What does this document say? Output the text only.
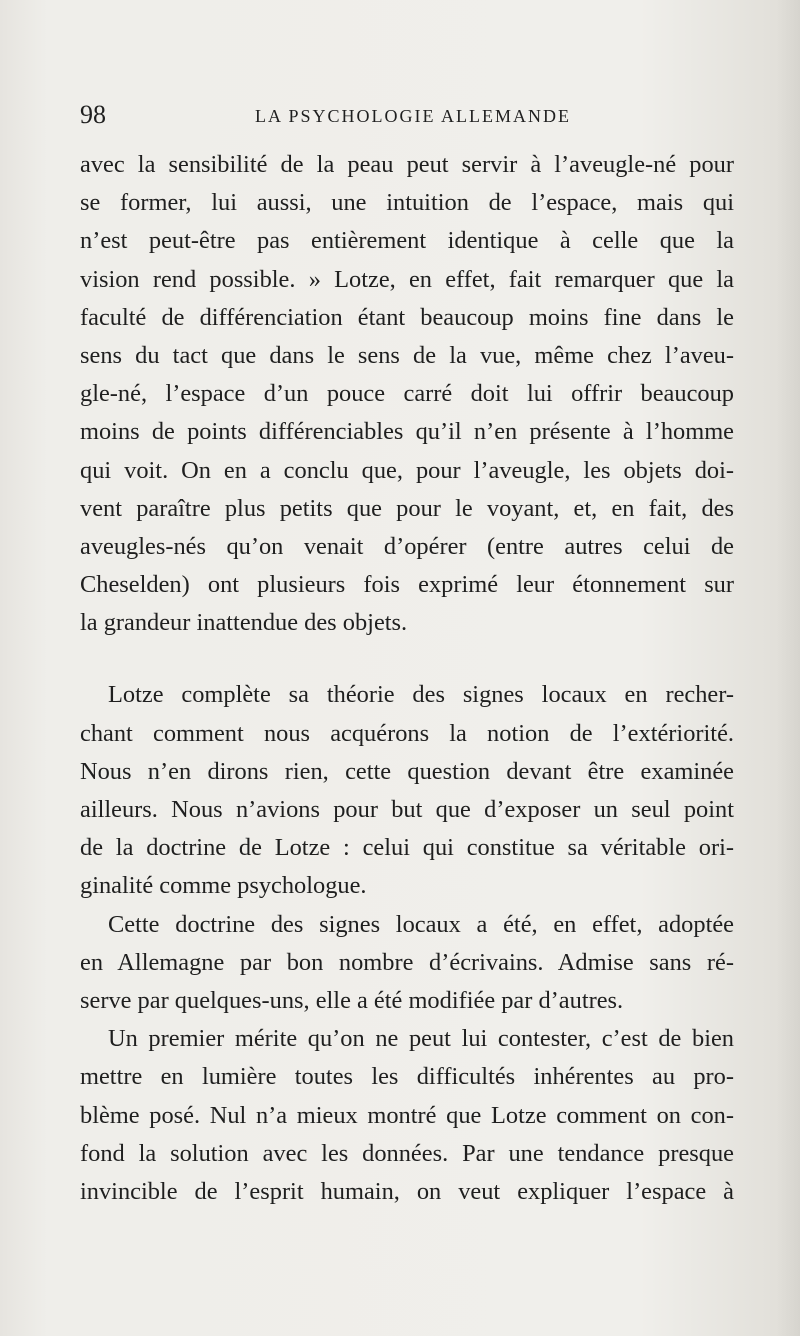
98	LA PSYCHOLOGIE ALLEMANDE
avec la sensibilité de la peau peut servir à l’aveugle-né pour
se former, lui aussi, une intuition de l’espace, mais qui
n’est peut-être pas entièrement identique à celle que la
vision rend possible. » Lotze, en effet, fait remarquer que la
faculté de différenciation étant beaucoup moins fine dans le
sens du tact que dans le sens de la vue, même chez l’aveu-
gle-né, l’espace d’un pouce carré doit lui offrir beaucoup
moins de points différenciables qu’il n’en présente à l’homme
qui voit. On en a conclu que, pour l’aveugle, les objets doi-
vent paraître plus petits que pour le voyant, et, en fait, des
aveugles-nés qu’on venait d’opérer (entre autres celui de
Cheselden) ont plusieurs fois exprimé leur étonnement sur
la grandeur inattendue des objets.
Lotze complète sa théorie des signes locaux en recher-
chant comment nous acquérons la notion de l’extériorité.
Nous n’en dirons rien, cette question devant être examinée
ailleurs. Nous n’avions pour but que d’exposer un seul point
de la doctrine de Lotze : celui qui constitue sa véritable ori-
ginalité comme psychologue.
Cette doctrine des signes locaux a été, en effet, adoptée
en Allemagne par bon nombre d’écrivains. Admise sans ré-
serve par quelques-uns, elle a été modifiée par d’autres.
Un premier mérite qu’on ne peut lui contester, c’est de bien
mettre en lumière toutes les difficultés inhérentes au pro-
blème posé. Nul n’a mieux montré que Lotze comment on con-
fond la solution avec les données. Par une tendance presque
invincible de l’esprit humain, on veut expliquer l’espace à
